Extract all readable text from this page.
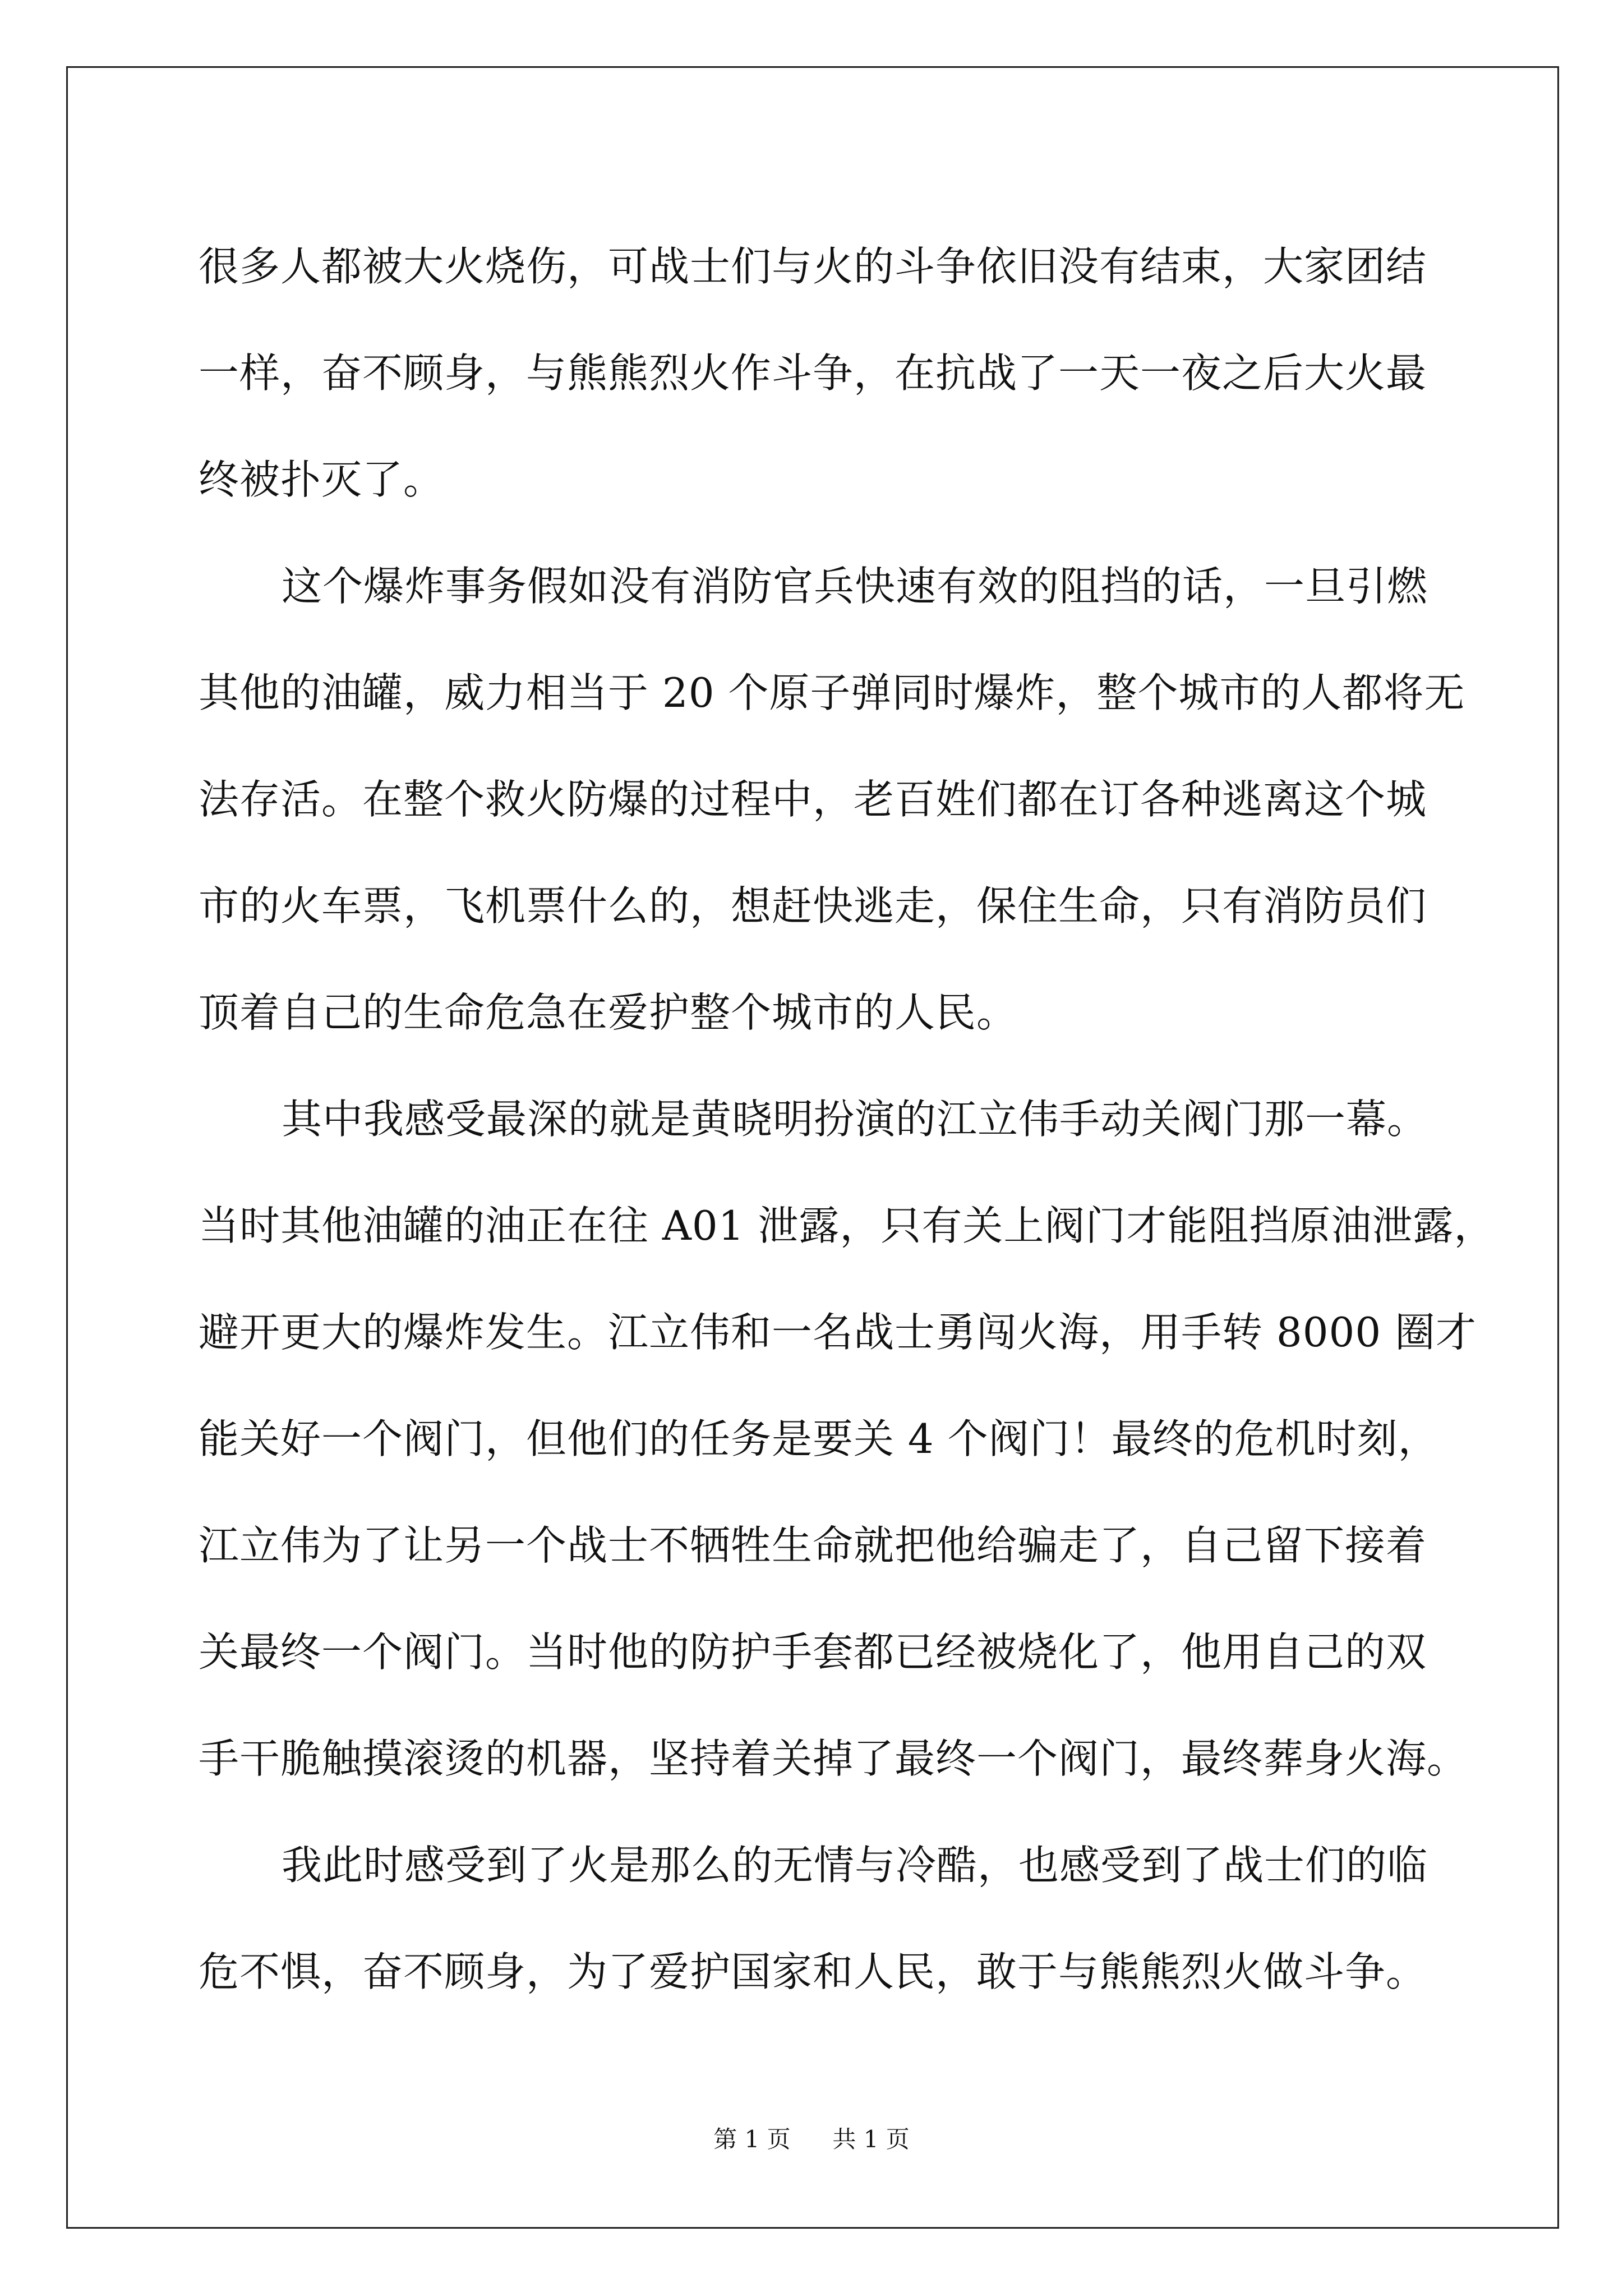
很多人都被大火烧伤，可战士们与火的斗争依旧没有结束，大家团结
一样，奋不顾身，与熊熊烈火作斗争，在抗战了一天一夜之后大火最
终被扑灭了。
这个爆炸事务假如没有消防官兵快速有效的阻挡的话，一旦引燃
其他的油罐，威力相当于 20 个原子弹同时爆炸，整个城市的人都将无
法存活。在整个救火防爆的过程中，老百姓们都在订各种逃离这个城
市的火车票，飞机票什么的，想赶快逃走，保住生命，只有消防员们
顶着自己的生命危急在爱护整个城市的人民。
其中我感受最深的就是黄晓明扮演的江立伟手动关阀门那一幕。
当时其他油罐的油正在往 A01 泄露，只有关上阀门才能阻挡原油泄露，
避开更大的爆炸发生。江立伟和一名战士勇闯火海，用手转 8000 圈才
能关好一个阀门，但他们的任务是要关 4 个阀门！最终的危机时刻，
江立伟为了让另一个战士不牺牲生命就把他给骗走了，自己留下接着
关最终一个阀门。当时他的防护手套都已经被烧化了，他用自己的双
手干脆触摸滚烫的机器，坚持着关掉了最终一个阀门，最终葬身火海。
我此时感受到了火是那么的无情与冷酷，也感受到了战士们的临
危不惧，奋不顾身，为了爱护国家和人民，敢于与熊熊烈火做斗争。
第 1 页 共 1 页
